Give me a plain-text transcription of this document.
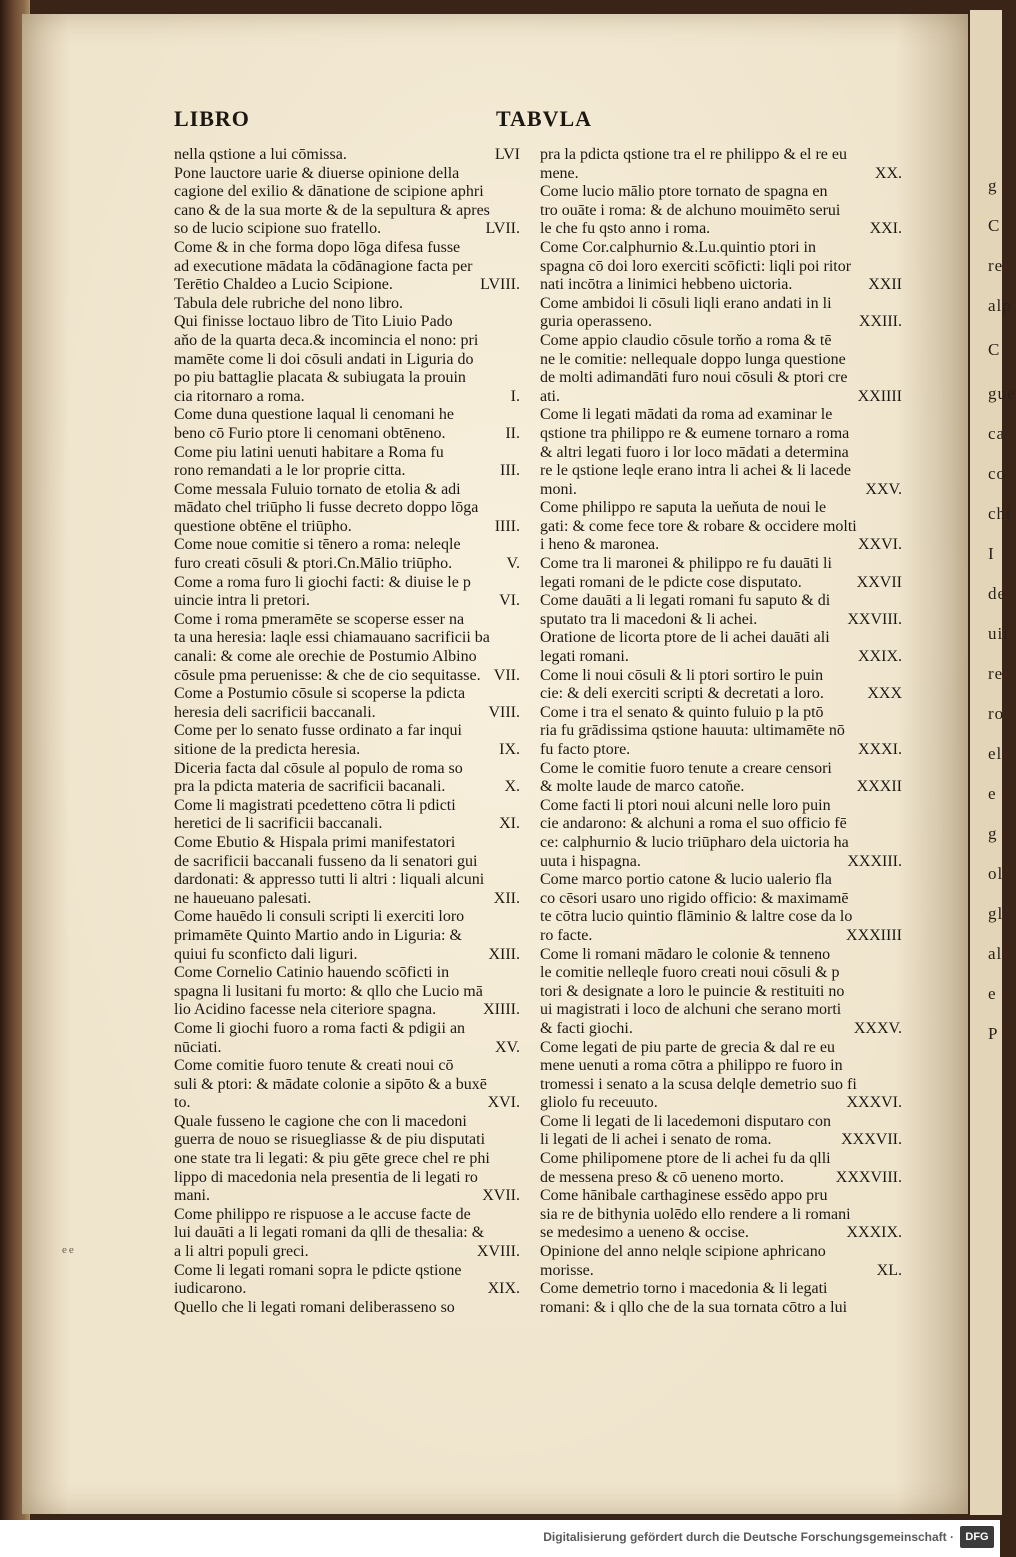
g
C
re
alp
C
gue
ca
co
chi
I
de
uir
re
ro
el
e
g
ol
gl
al
e
P
LIBRO	TABVLA
nella qstione a lui cōmissa.	LVI
Pone lauctore uarie & diuerse opinione della
cagione del exilio & dānatione de scipione aphri
cano & de la sua morte & de la sepultura & apres
so de lucio scipione suo fratello.	LVII.
Come & in che forma dopo lōga difesa fusse
ad executione mādata la cōdānagione facta per
Terētio Chaldeo a Lucio Scipione.	LVIII.
Tabula dele rubriche del nono libro.
Qui finisse loctauo libro de Tito Liuio Pado
aňo de la quarta deca.& incomincia el nono: pri
mamēte come li doi cōsuli andati in Liguria do
po piu battaglie placata & subiugata la prouin
cia ritornaro a roma.	I.
Come duna questione laqual li cenomani he
beno cō Furio ptore li cenomani obtēneno.	II.
Come piu latini uenuti habitare a Roma fu
rono remandati a le lor proprie citta.	III.
Come messala Fuluio tornato de etolia & adi
mādato chel triūpho li fusse decreto doppo lōga
questione obtēne el triūpho.	IIII.
Come noue comitie si tēnero a roma: neleqle
furo creati cōsuli & ptori.Cn.Mālio triūpho.	V.
Come a roma furo li giochi facti: & diuise le p
uincie intra li pretori.	VI.
Come i roma pmeramēte se scoperse esser na
ta una heresia: laqle essi chiamauano sacrificii ba
canali: & come ale orechie de Postumio Albino
cōsule pma peruenisse: & che de cio sequitasse. VII.
Come a Postumio cōsule si scoperse la pdicta
heresia deli sacrificii baccanali.	VIII.
Come per lo senato fusse ordinato a far inqui
sitione de la predicta heresia.	IX.
Diceria facta dal cōsule al populo de roma so
pra la pdicta materia de sacrificii bacanali.	X.
Come li magistrati pcedetteno cōtra li pdicti
heretici de li sacrificii baccanali.	XI.
Come Ebutio & Hispala primi manifestatori
de sacrificii baccanali fusseno da li senatori gui
dardonati: & appresso tutti li altri : liquali alcuni
ne haueuano palesati.	XII.
Come hauēdo li consuli scripti li exerciti loro
primamēte Quinto Martio ando in Liguria: &
quiui fu sconficto dali liguri.	XIII.
Come Cornelio Catinio hauendo scōficti in
spagna li lusitani fu morto: & qllo che Lucio mā
lio Acidino facesse nela citeriore spagna.	XIIII.
Come li giochi fuoro a roma facti & pdigii an
nūciati.	XV.
Come comitie fuoro tenute & creati noui cō
suli & ptori: & mādate colonie a sipōto & a buxē
to.	XVI.
Quale fusseno le cagione che con li macedoni
guerra de nouo se risuegliasse & de piu disputati
one state tra li legati: & piu gēte grece chel re phi
lippo di macedonia nela presentia de li legati ro
mani.	XVII.
Come philippo re rispuose a le accuse facte de
lui dauāti a li legati romani da qlli de thesalia: &
a li altri populi greci.	XVIII.
Come li legati romani sopra le pdicte qstione
iudicarono.	XIX.
Quello che li legati romani deliberasseno so
pra la pdicta qstione tra el re philippo & el re eu
mene.	XX.
Come lucio mālio ptore tornato de spagna en
tro ouāte i roma: & de alchuno mouimēto serui
le che fu qsto anno i roma.	XXI.
Come Cor.calphurnio &.Lu.quintio ptori in
spagna cō doi loro exerciti scōficti: liqli poi ritor
nati incōtra a linimici hebbeno uictoria.	XXII
Come ambidoi li cōsuli liqli erano andati in li
guria operasseno.	XXIII.
Come appio claudio cōsule torňo a roma & tē
ne le comitie: nellequale doppo lunga questione
de molti adimandāti furo noui cōsuli & ptori cre
ati.	XXIIII
Come li legati mādati da roma ad examinar le
qstione tra philippo re & eumene tornaro a roma
& altri legati fuoro i lor loco mādati a determina
re le qstione leqle erano intra li achei & li lacede
moni.	XXV.
Come philippo re saputa la ueňuta de noui le
gati: & come fece tore & robare & occidere molti
i heno & maronea.	XXVI.
Come tra li maronei & philippo re fu dauāti li
legati romani de le pdicte cose disputato.	XXVII
Come dauāti a li legati romani fu saputo & di
sputato tra li macedoni & li achei.	XXVIII.
Oratione de licorta ptore de li achei dauāti ali
legati romani.	XXIX.
Come li noui cōsuli & li ptori sortiro le puin
cie: & deli exerciti scripti & decretati a loro.	XXX
Come i tra el senato & quinto fuluio p la ptō
ria fu grādissima qstione hauuta: ultimamēte nō
fu facto ptore.	XXXI.
Come le comitie fuoro tenute a creare censori
& molte laude de marco catoňe.	XXXII
Come facti li ptori noui alcuni nelle loro puin
cie andarono: & alchuni a roma el suo officio fē
ce: calphurnio & lucio triūpharo dela uictoria ha
uuta i hispagna.	XXXIII.
Come marco portio catone & lucio ualerio fla
co cēsori usaro uno rigido officio: & maximamē
te cōtra lucio quintio flāminio & laltre cose da lo
ro facte.	XXXIIII
Come li romani mādaro le colonie & tenneno
le comitie nelleqle fuoro creati noui cōsuli & p
tori & designate a loro le puincie & restituiti no
ui magistrati i loco de alchuni che serano morti
& facti giochi.	XXXV.
Come legati de piu parte de grecia & dal re eu
mene uenuti a roma cōtra a philippo re fuoro in
tromessi i senato a la scusa delqle demetrio suo fi
gliolo fu receuuto.	XXXVI.
Come li legati de li lacedemoni disputaro con
li legati de li achei i senato de roma.	XXXVII.
Come philipomene ptore de li achei fu da qlli
de messena preso & cō ueneno morto.	XXXVIII.
Come hānibale carthaginese essēdo appo pru
sia re de bithynia uolēdo ello rendere a li romani
se medesimo a ueneno & occise.	XXXIX.
Opinione del anno nelqle scipione aphricano
morisse.	XL.
Come demetrio torno i macedonia & li legati
romani: & i qllo che de la sua tornata cōtro a lui
ee
Digitalisierung gefördert durch die Deutsche Forschungsgemeinschaft ·	DFG
